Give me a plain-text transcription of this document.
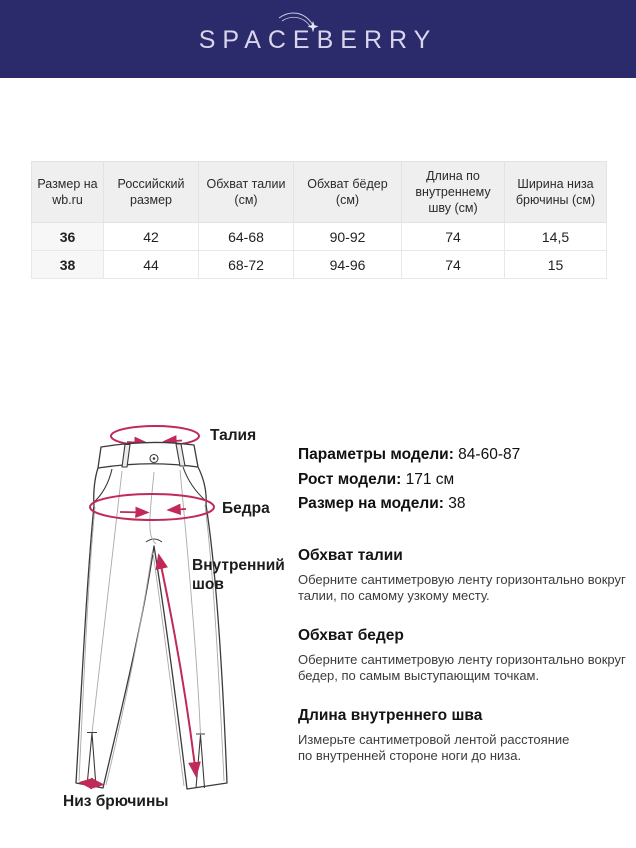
SPACEBERRY
Размер на wb.ru	Российский размер	Обхват талии (см)	Обхват бёдер (см)	Длина по внутреннему шву (см)	Ширина низа брючины (см)
36	42	64-68	90-92	74	14,5
38	44	68-72	94-96	74	15
Талия
Бедра
Внутренний шов
Низ брючины
Параметры модели: 84-60-87
Рост модели: 171 см
Размер на модели: 38

Обхват талии

Оберните сантиметровую ленту горизонтально вокруг
талии, по самому узкому месту.

Обхват бедер

Оберните сантиметровую ленту горизонтально вокруг
бедер, по самым выступающим точкам.

Длина внутреннего шва

Измерьте сантиметровой лентой расстояние
по внутренней стороне ноги до низа.
